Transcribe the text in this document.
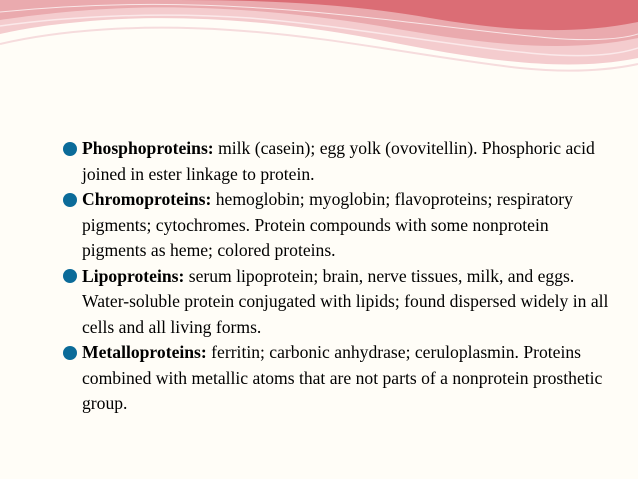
Phosphoproteins: milk (casein); egg yolk (ovovitellin). Phosphoric acid joined in ester linkage to protein.

Chromoproteins: hemoglobin; myoglobin; flavoproteins; respiratory pigments; cytochromes. Protein compounds with some nonprotein pigments as heme; colored proteins.

Lipoproteins: serum lipoprotein; brain, nerve tissues, milk, and eggs. Water-soluble protein conjugated with lipids; found dispersed widely in all cells and all living forms.

Metalloproteins: ferritin; carbonic anhydrase; ceruloplasmin. Proteins combined with metallic atoms that are not parts of a nonprotein prosthetic group.
